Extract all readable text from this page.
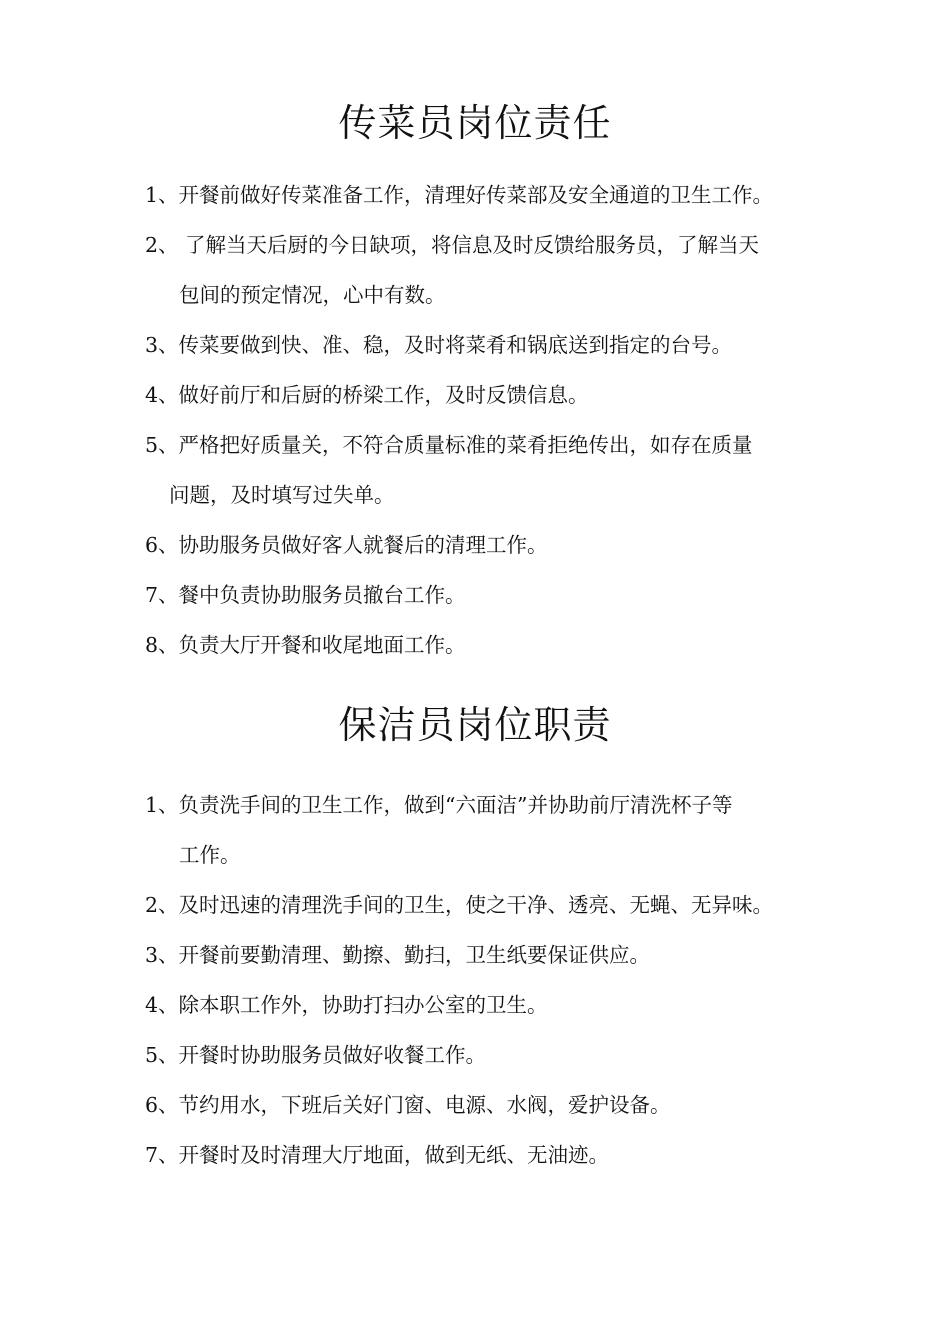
传菜员岗位责任
1、开餐前做好传菜准备工作，清理好传菜部及安全通道的卫生工作。
2、 了解当天后厨的今日缺项，将信息及时反馈给服务员，了解当天
包间的预定情况，心中有数。
3、传菜要做到快、准、稳，及时将菜肴和锅底送到指定的台号。
4、做好前厅和后厨的桥梁工作，及时反馈信息。
5、严格把好质量关，不符合质量标准的菜肴拒绝传出，如存在质量
问题，及时填写过失单。
6、协助服务员做好客人就餐后的清理工作。
7、餐中负责协助服务员撤台工作。
8、负责大厅开餐和收尾地面工作。
保洁员岗位职责
1、负责洗手间的卫生工作，做到“六面洁”并协助前厅清洗杯子等
工作。
2、及时迅速的清理洗手间的卫生，使之干净、透亮、无蝇、无异味。
3、开餐前要勤清理、勤擦、勤扫，卫生纸要保证供应。
4、除本职工作外，协助打扫办公室的卫生。
5、开餐时协助服务员做好收餐工作。
6、节约用水，下班后关好门窗、电源、水阀，爱护设备。
7、开餐时及时清理大厅地面，做到无纸、无油迹。
